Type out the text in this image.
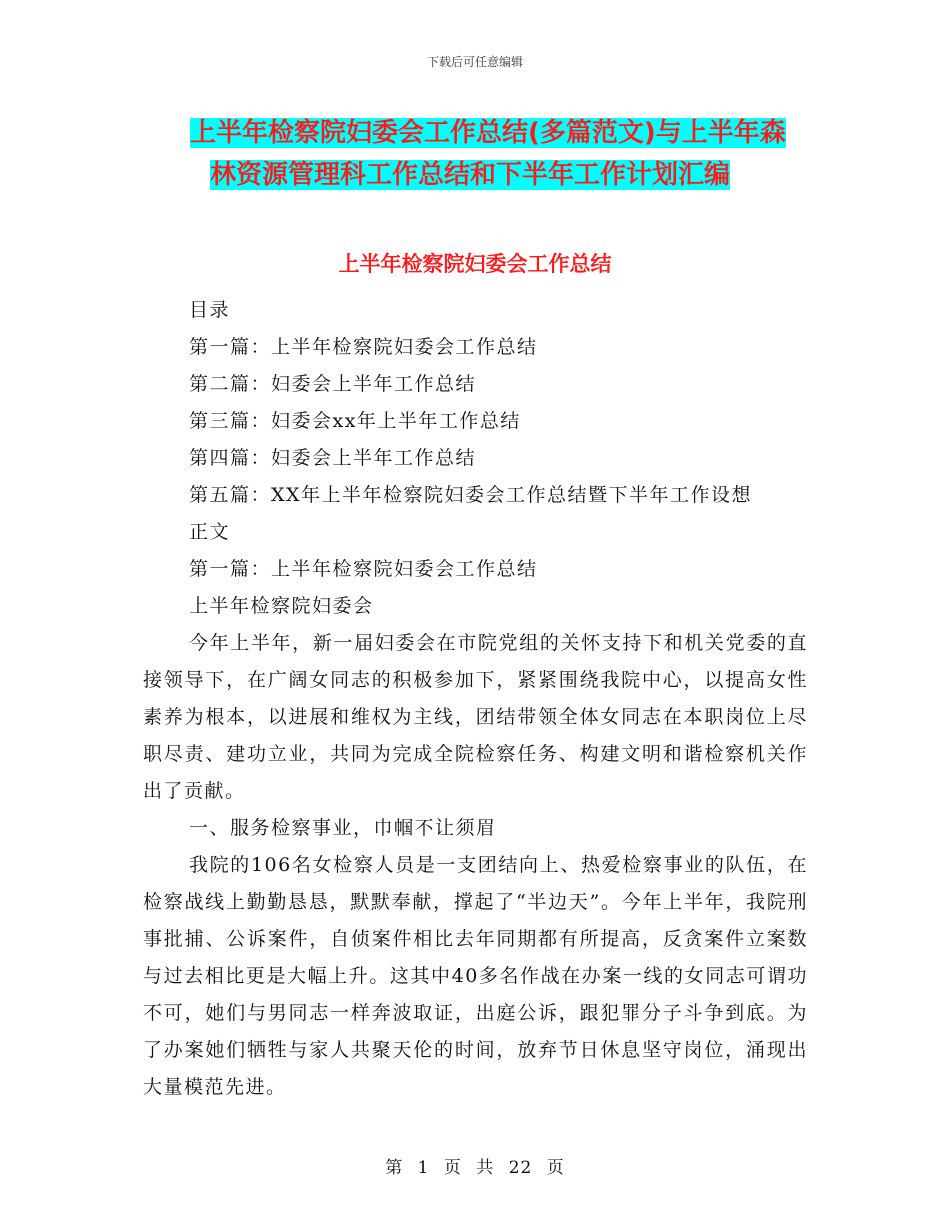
下载后可任意编辑
上半年检察院妇委会工作总结(多篇范文)与上半年森
林资源管理科工作总结和下半年工作计划汇编
上半年检察院妇委会工作总结
目录
第一篇：上半年检察院妇委会工作总结
第二篇：妇委会上半年工作总结
第三篇：妇委会xx年上半年工作总结
第四篇：妇委会上半年工作总结
第五篇：XX年上半年检察院妇委会工作总结暨下半年工作设想
正文
第一篇：上半年检察院妇委会工作总结
上半年检察院妇委会
今年上半年，新一届妇委会在市院党组的关怀支持下和机关党委的直接领导下，在广阔女同志的积极参加下，紧紧围绕我院中心，以提高女性素养为根本，以进展和维权为主线，团结带领全体女同志在本职岗位上尽职尽责、建功立业，共同为完成全院检察任务、构建文明和谐检察机关作出了贡献。
一、服务检察事业，巾帼不让须眉
我院的106名女检察人员是一支团结向上、热爱检察事业的队伍，在检察战线上勤勤恳恳，默默奉献，撑起了“半边天”。今年上半年，我院刑事批捕、公诉案件，自侦案件相比去年同期都有所提高，反贪案件立案数与过去相比更是大幅上升。这其中40多名作战在办案一线的女同志可谓功不可，她们与男同志一样奔波取证，出庭公诉，跟犯罪分子斗争到底。为了办案她们牺牲与家人共聚天伦的时间，放弃节日休息坚守岗位，涌现出大量模范先进。
第 1 页 共 22 页
